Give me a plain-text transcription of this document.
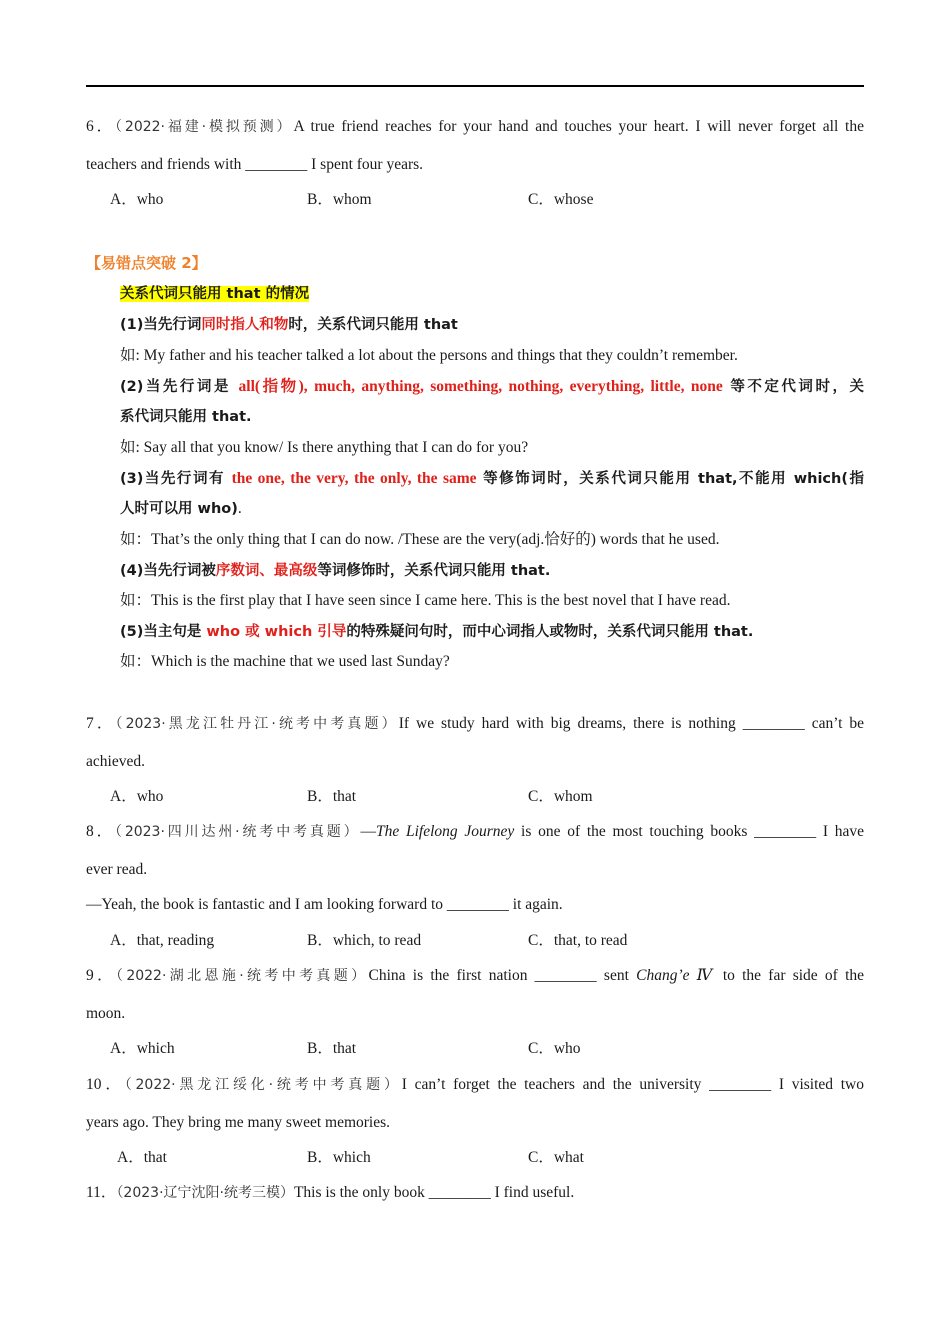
6．（2022·福建·模拟预测）A true friend reaches for your hand and touches your heart. I will never forget all the
teachers and friends with ________ I spent four years.
A．who	B．whom	C．whose
【易错点突破 2】
关系代词只能用 that 的情况
(1)当先行词同时指人和物时，关系代词只能用 that
如: My father and his teacher talked a lot about the persons and things that they couldn’t remember.
(2)当先行词是 all(指物), much, anything, something, nothing, everything, little, none 等不定代词时，关
系代词只能用 that.
如: Say all that you know/ Is there anything that I can do for you?
(3)当先行词有 the one, the very, the only, the same 等修饰词时，关系代词只能用 that,不能用 which(指
人时可以用 who).
如：That’s the only thing that I can do now. /These are the very(adj.恰好的) words that he used.
(4)当先行词被序数词、最高级等词修饰时，关系代词只能用 that.
如：This is the first play that I have seen since I came here. This is the best novel that I have read.
(5)当主句是 who 或 which 引导的特殊疑问句时，而中心词指人或物时，关系代词只能用 that.
如：Which is the machine that we used last Sunday?
7．（2023·黑龙江牡丹江·统考中考真题）If we study hard with big dreams, there is nothing ________ can’t be
achieved.
A．who	B．that	C．whom
8．（2023·四川达州·统考中考真题）—The Lifelong Journey is one of the most touching books ________ I have
ever read.
—Yeah, the book is fantastic and I am looking forward to ________ it again.
A．that, reading	B．which, to read	C．that, to read
9．（2022·湖北恩施·统考中考真题）China is the first nation ________ sent Chang’e Ⅳ to the far side of the
moon.
A．which	B．that	C．who
10．（2022·黑龙江绥化·统考中考真题）I can’t forget the teachers and the university ________ I visited two
years ago. They bring me many sweet memories.
A．that	B．which	C．what
11．（2023·辽宁沈阳·统考三模）This is the only book ________ I find useful.
